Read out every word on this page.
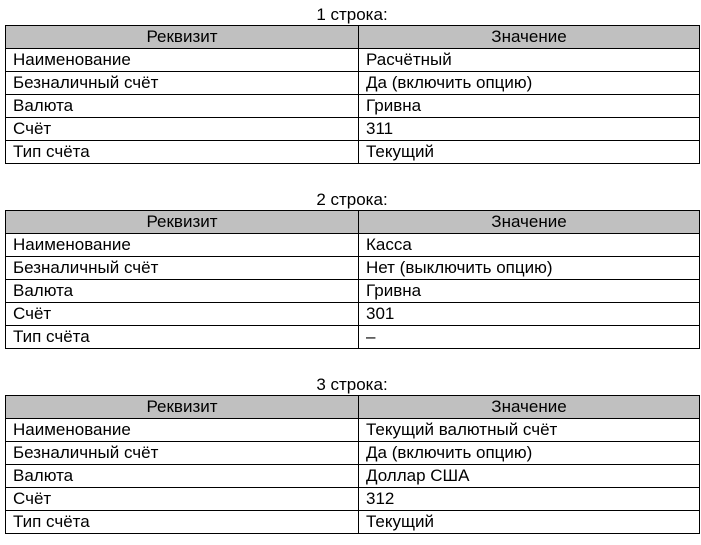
1 строка:
Реквизит	Значение
Наименование	Расчётный
Безналичный счёт	Да (включить опцию)
Валюта	Гривна
Счёт	311
Тип счёта	Текущий
2 строка:
Реквизит	Значение
Наименование	Касса
Безналичный счёт	Нет (выключить опцию)
Валюта	Гривна
Счёт	301
Тип счёта	–
3 строка:
Реквизит	Значение
Наименование	Текущий валютный счёт
Безналичный счёт	Да (включить опцию)
Валюта	Доллар США
Счёт	312
Тип счёта	Текущий
